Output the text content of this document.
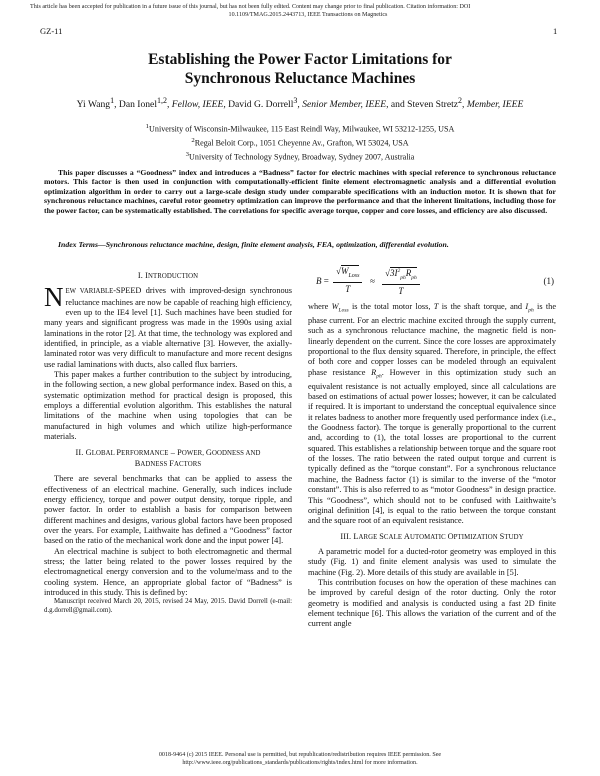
This article has been accepted for publication in a future issue of this journal, but has not been fully edited. Content may change prior to final publication. Citation information: DOI
10.1109/TMAG.2015.2443713, IEEE Transactions on Magnetics
GZ-11	1
Establishing the Power Factor Limitations for
Synchronous Reluctance Machines
Yi Wang$^1$, Dan Ionel$^{1,2}$, Fellow, IEEE, David G. Dorrell$^3$, Senior Member, IEEE, and Steven Stretz$^2$, Member, IEEE
$^1$University of Wisconsin-Milwaukee, 115 East Reindl Way, Milwaukee, WI 53212-1255, USA
$^2$Regal Beloit Corp., 1051 Cheyenne Av., Grafton, WI 53024, USA
$^3$University of Technology Sydney, Broadway, Sydney 2007, Australia
This paper discusses a “Goodness” index and introduces a “Badness” factor for electric machines with special reference to synchronous reluctance motors. This factor is then used in conjunction with computationally-efficient finite element electromagnetic analysis and a differential evolution optimization algorithm in order to carry out a large-scale design study under comparable specifications with an induction motor. It is shown that for synchronous reluctance machines, careful rotor geometry optimization can improve the performance and that the inherent limitations, including those for the power factor, can be systematically established. The correlations for specific average torque, copper and core losses, and efficiency are also discussed.
Index Terms—Synchronous reluctance machine, design, finite element analysis, FEA, optimization, differential evolution.
I. INTRODUCTION

NEW VARIABLE-SPEED drives with improved-design synchronous reluctance machines are now be capable of reaching high efficiency, even up to the IE4 level [1]. Such machines have been studied for many years and significant progress was made in the 1990s using axial laminations in the rotor [2]. At that time, the technology was explored and identified, in principle, as a viable alternative [3]. However, the axially-laminated rotor was very difficult to manufacture and more recent designs use radial laminations with ducts, also called flux barriers.

This paper makes a further contribution to the subject by introducing, in the following section, a new global performance index. Based on this, a systematic optimization method for practical design is proposed, this employs a differential evolution algorithm. This establishes the natural limitations of the machine when using topologies that can be manufactured in high volumes and which utilize high-performance materials.

II. GLOBAL PERFORMANCE – POWER, GOODNESS AND
BADNESS FACTORS

There are several benchmarks that can be applied to assess the effectiveness of an electrical machine. Generally, such indices include energy efficiency, torque and power output density, torque ripple, and power factor. In order to establish a basis for comparison between different machines and designs, various global factors have been proposed over the years. For example, Laithwaite has defined a “Goodness” factor based on the ratio of the mechanical work done and the input power [4].

An electrical machine is subject to both electromagnetic and thermal stress; the latter being related to the power losses required by the electromagnetical energy conversion and to the volume/mass and to the cooling system. Hence, an appropriate global factor of “Badness” is introduced in this study. This is defined by:

Manuscript received March 20, 2015, revised 24 May, 2015. David Dorrell (e-mail: d.g.dorrell@gmail.com).

B =
$√W_{Loss}$
T
≈
$√3I^2_{ph}R_{ph}$
T
(1)

where $W_{Loss}$ is the total motor loss, T is the shaft torque, and $I_{ph}$ is the phase current. For an electric machine excited through the supply current, such as a synchronous reluctance machine, the magnetic field is non-linearly dependent on the current. Since the core losses are approximately proportional to the flux density squared. Therefore, in principle, the effect of both core and copper losses can be modeled through an equivalent phase resistance $R_{ph}$. However in this optimization study such an equivalent resistance is not actually employed, since all calculations are based on estimations of actual power losses; however, it can be calculated if required. It is important to understand the conceptual equivalence since it relates badness to another more frequently used performance index (i.e., the Goodness factor). The torque is generally proportional to the current and, according to (1), the total losses are proportional to the current squared. This establishes a relationship between torque and the square root of the losses. The ratio between the rated output torque and current is typically defined as the “torque constant”. For a synchronous reluctance machine, the Badness factor (1) is similar to the inverse of the “motor constant”. This is also referred to as “motor Goodness” in design practice. This “Goodness”, which should not to be confused with Laithwaite’s original definition [4], is equal to the ratio between the torque constant and the square root of an equivalent resistance.

III. LARGE SCALE AUTOMATIC OPTIMIZATION STUDY

A parametric model for a ducted-rotor geometry was employed in this study (Fig. 1) and finite element analysis was used to simulate the machine (Fig. 2). More details of this study are available in [5].

This contribution focuses on how the operation of these machines can be improved by careful design of the rotor ducting. Only the rotor geometry is modified and analysis is conducted using a fast 2D finite element technique [6]. This allows the variation of the current and of the current angle

0018-9464 (c) 2015 IEEE. Personal use is permitted, but republication/redistribution requires IEEE permission. See
http://www.ieee.org/publications_standards/publications/rights/index.html for more information.
